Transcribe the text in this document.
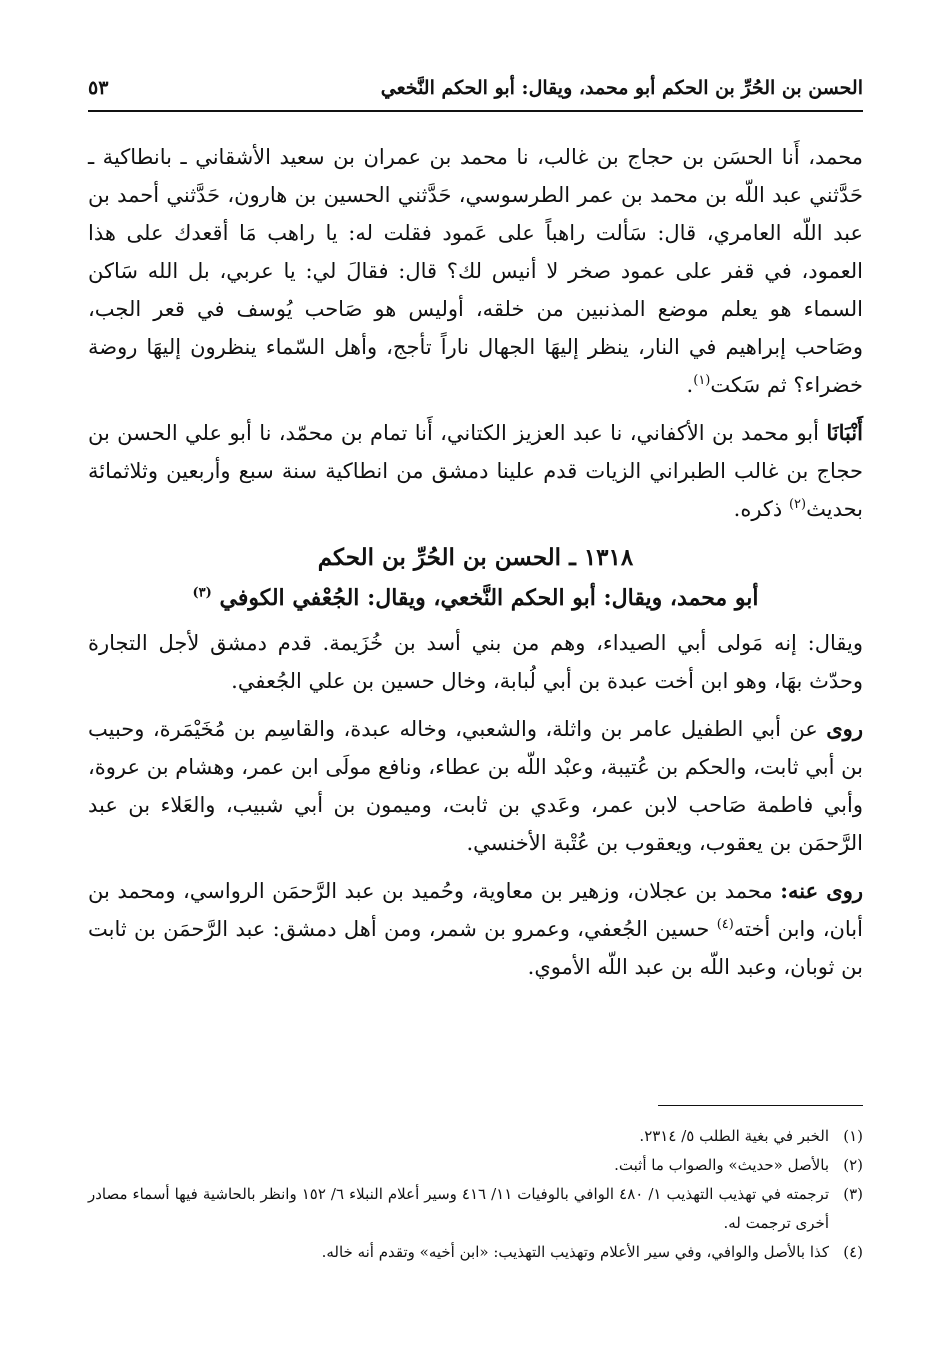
الحسن بن الحُرِّ بن الحكم أبو محمد، ويقال: أبو الحكم النَّخعي
٥٣

محمد، أَنا الحسَن بن حجاج بن غالب، نا محمد بن عمران بن سعيد الأشقاني ـ بانطاكية ـ حَدَّثني عبد اللّه بن محمد بن عمر الطرسوسي، حَدَّثني الحسين بن هارون، حَدَّثني أحمد بن عبد اللّه العامري، قال: سَألت راهباً على عَمود فقلت له: يا راهب مَا أقعدك على هذا العمود، في قفر على عمود صخر لا أنيس لك؟ قال: فقالَ لي: يا عربي، بل الله سَاكن السماء هو يعلم موضع المذنبين من خلقه، أوليس هو صَاحب يُوسف في قعر الجب، وصَاحب إبراهيم في النار، ينظر إليهَا الجهال ناراً تأجج، وأهل السّماء ينظرون إليهَا روضة خضراء؟ ثم سَكت$^{(١)}$.

أَنْبَانَا أبو محمد بن الأكفاني، نا عبد العزيز الكتاني، أَنا تمام بن محمّد، نا أبو علي الحسن بن حجاج بن غالب الطبراني الزيات قدم علينا دمشق من انطاكية سنة سبع وأربعين وثلاثمائة بحديث$^{(٢)}$ ذكره.

١٣١٨ ـ الحسن بن الحُرِّ بن الحكم
أبو محمد، ويقال: أبو الحكم النَّخعي، ويقال: الجُعْفي الكوفي $^{(٣)}$

ويقال: إنه مَولى أبي الصيداء، وهم من بني أسد بن خُزَيمة. قدم دمشق لأجل التجارة وحدّث بهَا، وهو ابن أخت عبدة بن أبي لُبابة، وخال حسين بن علي الجُعفي.

روى عن أبي الطفيل عامر بن واثلة، والشعبي، وخاله عبدة، والقاسِم بن مُخَيْمَرة، وحبيب بن أبي ثابت، والحكم بن عُتيبة، وعبْد اللّه بن عطاء، ونافع مولَى ابن عمر، وهشام بن عروة، وأبي فاطمة صَاحب لابن عمر، وعَدي بن ثابت، وميمون بن أبي شبيب، والعَلاء بن عبد الرَّحمَن بن يعقوب، ويعقوب بن عُتْبة الأخنسي.

روى عنه: محمد بن عجلان، وزهير بن معاوية، وحُميد بن عبد الرَّحمَن الرواسي، ومحمد بن أبان، وابن أخته$^{(٤)}$ حسين الجُعفي، وعمرو بن شمر، ومن أهل دمشق: عبد الرَّحمَن بن ثابت بن ثوبان، وعبد اللّه بن عبد اللّه الأموي.

(١)
الخبر في بغية الطلب ٥/ ٢٣١٤.
(٢)
بالأصل «حديث» والصواب ما أثبت.
(٣)
ترجمته في تهذيب التهذيب ١/ ٤٨٠ الوافي بالوفيات ١١/ ٤١٦ وسير أعلام النبلاء ٦/ ١٥٢ وانظر بالحاشية فيها أسماء مصادر أخرى ترجمت له.
(٤)
كذا بالأصل والوافي، وفي سير الأعلام وتهذيب التهذيب: «ابن أخيه» وتقدم أنه خاله.
